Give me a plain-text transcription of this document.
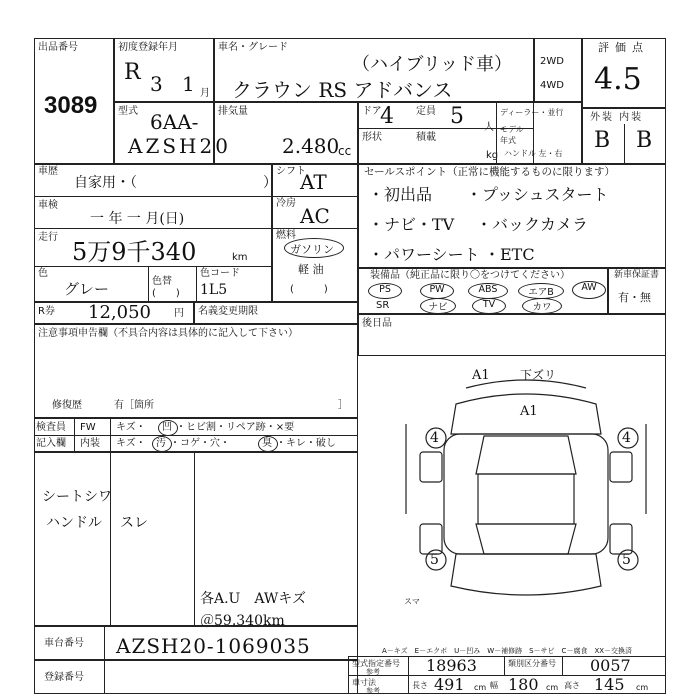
出品番号
3089
初度登録年月
R 3 1 月
車名・グレード
（ハイブリッド車）
クラウン RS アドバンス
2WD
4WD
評価点
4.5
型式 6AA-
AZSH20
排気量
2.480
cc
ドア
4 定員 5 人
形状	積載
kg
ディーラー・並行
モデル年式
ハンドル 左・右
外装 内装
B B
車歴
自家用・（　　　　　　　　　）
車検
一 年 一 月(日)
走行
5万9千340	km
色
グレー	色替
(　　)
色コード
1L5
シフト
AT
冷房
AC
燃料
ガソリン
軽 油
(　　　)
R券 12,050 円 名義変更期限
注意事項申告欄（不具合内容は具体的に記入して下さい）
修復歴	有［箇所	］
セールスポイント（正常に機能するものに限ります）
・初出品 ・プッシュスタート
・ナビ・TV ・バックカメラ
・パワーシート ・ETC
装備品（純正品に限り〇をつけてください）
PS	PW	ABS	エアB	AW
SR	ナビ	TV	カワ
新車保証書
有・無
後日品
検査員
記入欄
FW キズ・ 凹 ・ヒビ割・リペア跡・×要
内装 キズ・ 汚 ・コゲ・穴・	臭 ・キレ・破し
シートシワ
ハンドル スレ
各A.U　AWキズ
＠59.340km
A1	下ズリ
A1
4	4
5	5
スマ
車台番号 AZSH20-1069035
登録番号
A－キズ　E－エクボ　U－凹み　W－補修跡　S－サビ　C－腐食　XX－交換済
型式指定番号
参考	18963	類別区分番号 0057
車寸法
参考
長さ 491 cm 幅 180 cm 高さ 145 cm
